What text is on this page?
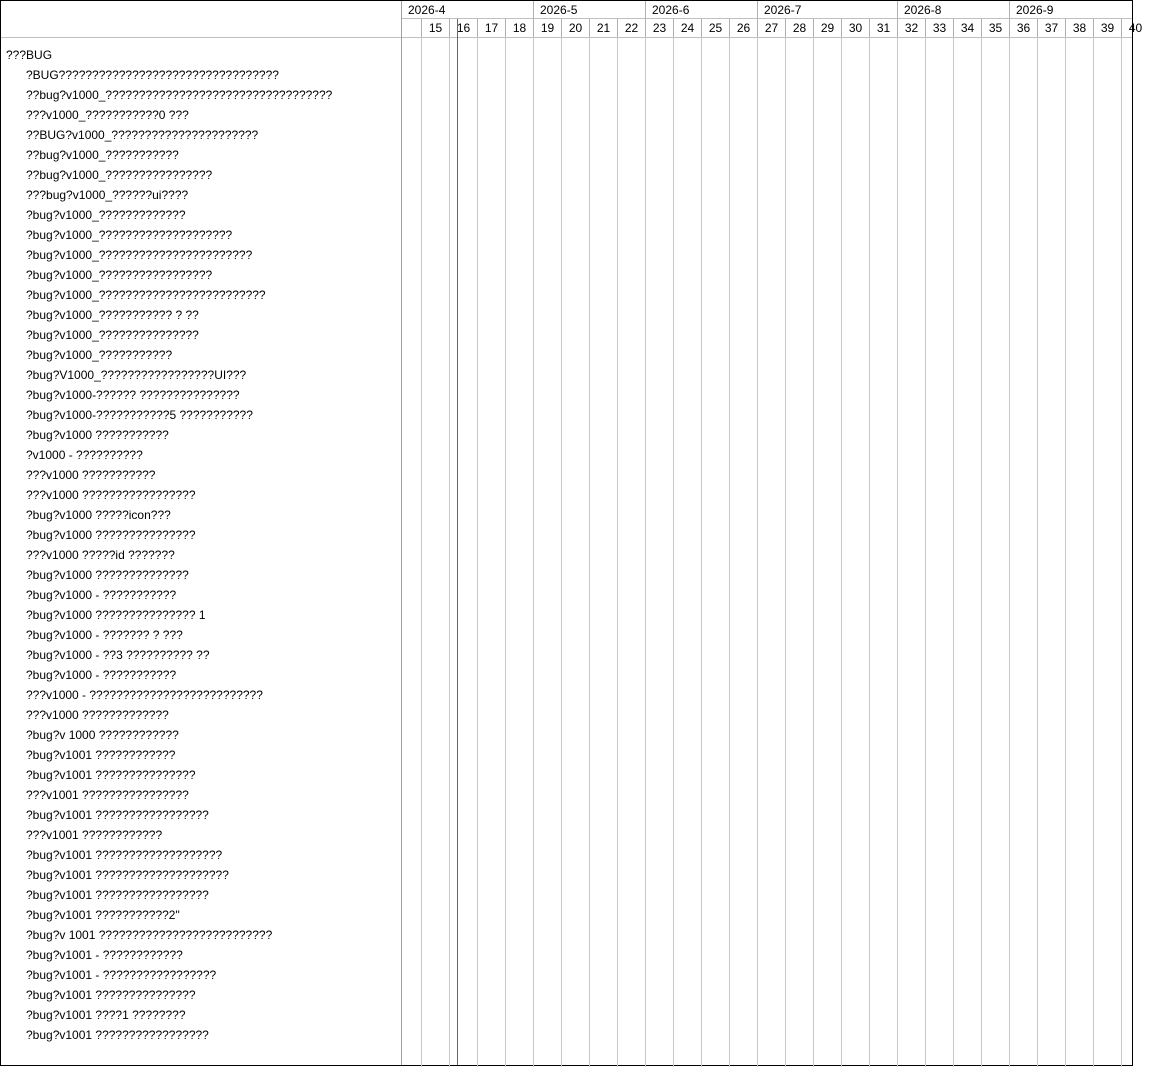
???BUG
?BUG?????????????????????????????????
??bug?v1000_??????????????????????????????????
???v1000_???????????0 ???
??BUG?v1000_??????????????????????
??bug?v1000_???????????
??bug?v1000_????????????????
???bug?v1000_??????ui????
?bug?v1000_?????????????
?bug?v1000_????????????????????
?bug?v1000_???????????????????????
?bug?v1000_?????????????????
?bug?v1000_?????????????????????????
?bug?v1000_??????????? ? ??
?bug?v1000_???????????????
?bug?v1000_???????????
?bug?V1000_?????????????????UI???
?bug?v1000-?????? ???????????????
?bug?v1000-???????????5 ???????????
?bug?v1000 ???????????
?v1000 - ??????????
???v1000 ???????????
???v1000 ?????????????????
?bug?v1000 ?????icon???
?bug?v1000 ???????????????
???v1000 ?????id ???????
?bug?v1000 ??????????????
?bug?v1000 - ???????????
?bug?v1000 ??????????????? 1
?bug?v1000 - ??????? ? ???
?bug?v1000 - ??3 ?????????? ??
?bug?v1000 - ???????????
???v1000 - ??????????????????????????
???v1000 ?????????????
?bug?v 1000 ????????????
?bug?v1001 ????????????
?bug?v1001 ???????????????
???v1001 ????????????????
?bug?v1001 ?????????????????
???v1001 ????????????
?bug?v1001 ???????????????????
?bug?v1001 ????????????????????
?bug?v1001 ?????????????????
?bug?v1001 ???????????2"
?bug?v 1001 ??????????????????????????
?bug?v1001 - ????????????
?bug?v1001 - ?????????????????
?bug?v1001 ???????????????
?bug?v1001 ????1 ????????
?bug?v1001 ?????????????????
15	16	17	18	19	20	21	22	23	24	25	26	27	28	29	30	31	32	33	34	35	36	37	38	39	40
2026-4	2026-5	2026-6	2026-7	2026-8	2026-9
